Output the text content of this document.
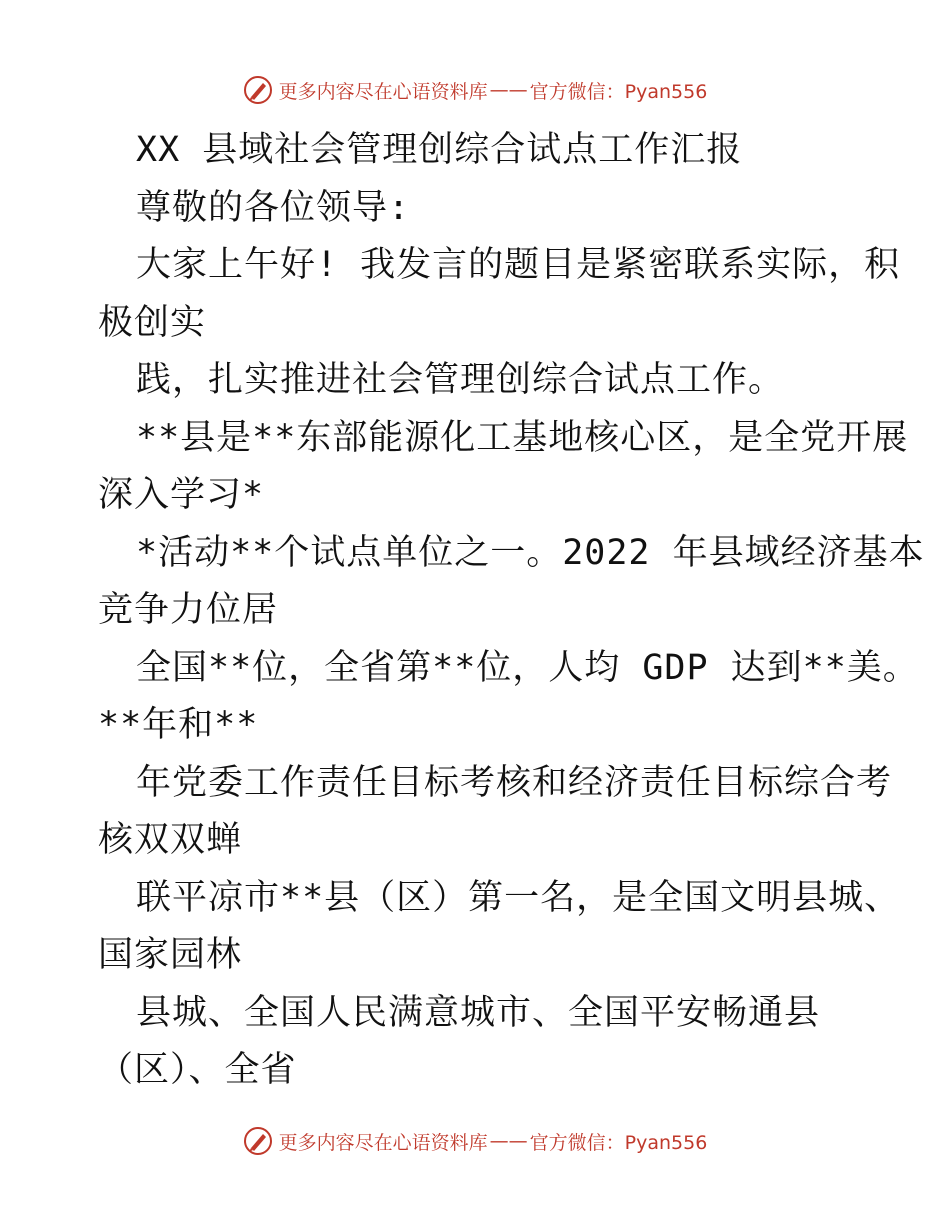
更多内容尽在心语资料库 —— 官方微信：Pyan556
XX 县域社会管理创综合试点工作汇报
尊敬的各位领导:
大家上午好! 我发言的题目是紧密联系实际，积
极创实
践，扎实推进社会管理创综合试点工作。
**县是**东部能源化工基地核心区，是全党开展
深入学习*
*活动**个试点单位之一。2022 年县域经济基本
竞争力位居
全国**位，全省第**位，人均 GDP 达到**美。
**年和**
年党委工作责任目标考核和经济责任目标综合考
核双双蝉
联平凉市**县（区）第一名，是全国文明县城、
国家园林
县城、全国人民满意城市、全国平安畅通县
（区）、全省
更多内容尽在心语资料库 —— 官方微信：Pyan556
